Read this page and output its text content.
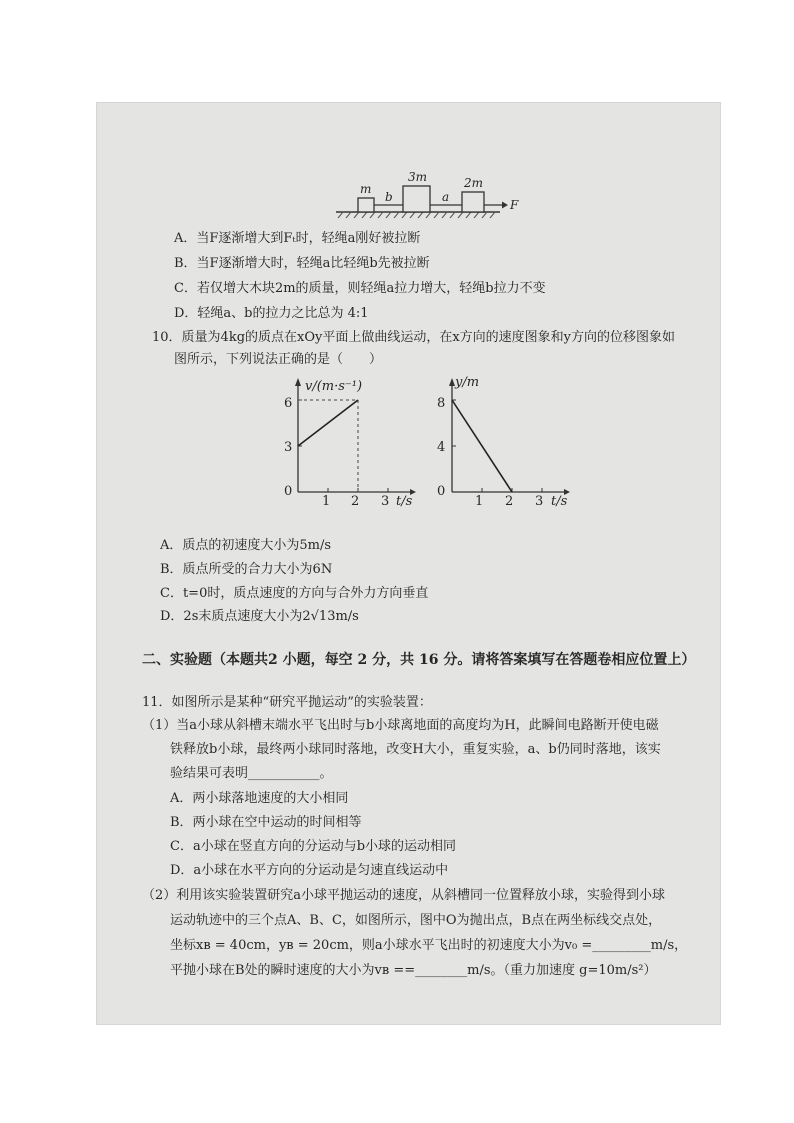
m
3m	2m
b	a
F
A．当F逐渐增大到Fₜ时，轻绳a刚好被拉断
B．当F逐渐增大时，轻绳a比轻绳b先被拉断
C．若仅增大木块2m的质量，则轻绳a拉力增大，轻绳b拉力不变
D．轻绳a、b的拉力之比总为 4:1
10．质量为4kg的质点在xOy平面上做曲线运动，在x方向的速度图象和y方向的位移图象如
图所示，下列说法正确的是（　　）
v/(m·s⁻¹)
t/s
0
6
3
1 2 3
y/m
t/s
0
8
4
1 2 3
A．质点的初速度大小为5m/s
B．质点所受的合力大小为6N
C．t=0时，质点速度的方向与合外力方向垂直
D．2s末质点速度大小为2√13m/s
二、实验题（本题共2 小题，每空 2 分，共 16 分。请将答案填写在答题卷相应位置上）
11．如图所示是某种“研究平抛运动”的实验装置：
（1）当a小球从斜槽末端水平飞出时与b小球离地面的高度均为H，此瞬间电路断开使电磁
铁释放b小球，最终两小球同时落地，改变H大小，重复实验，a、b仍同时落地，该实
验结果可表明___________。
A．两小球落地速度的大小相同
B．两小球在空中运动的时间相等
C．a小球在竖直方向的分运动与b小球的运动相同
D．a小球在水平方向的分运动是匀速直线运动中
（2）利用该实验装置研究a小球平抛运动的速度，从斜槽同一位置释放小球，实验得到小球
运动轨迹中的三个点A、B、C，如图所示，图中O为抛出点，B点在两坐标线交点处，
坐标xʙ = 40cm，yʙ = 20cm，则a小球水平飞出时的初速度大小为v₀ =_________m/s，
平抛小球在B处的瞬时速度的大小为vʙ ==________m/s。（重力加速度 g=10m/s²）
